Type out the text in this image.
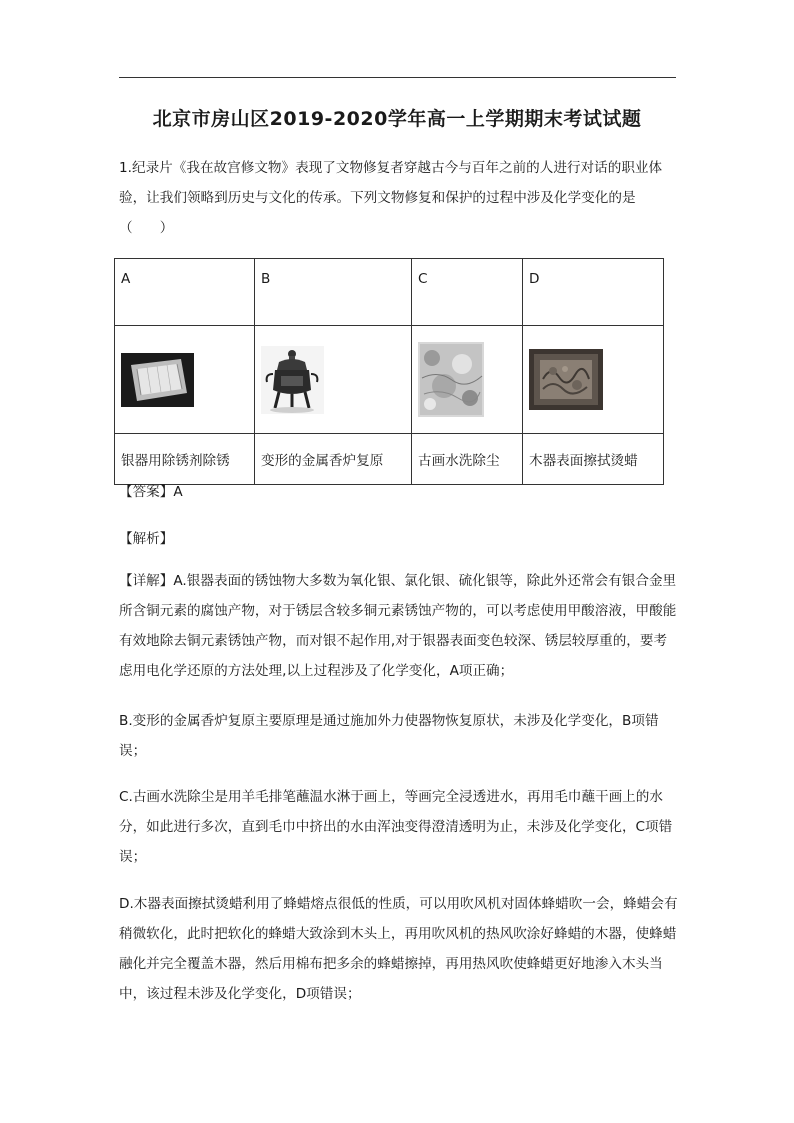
北京市房山区2019-2020学年高一上学期期末考试试题
1.纪录片《我在故宫修文物》表现了文物修复者穿越古今与百年之前的人进行对话的职业体验，让我们领略到历史与文化的传承。下列文物修复和保护的过程中涉及化学变化的是
（　　）
A	B	C	D

银器用除锈剂除锈	变形的金属香炉复原	古画水洗除尘	木器表面擦拭烫蜡
【答案】A
【解析】
【详解】A.银器表面的锈蚀物大多数为氧化银、氯化银、硫化银等，除此外还常会有银合金里所含铜元素的腐蚀产物，对于锈层含较多铜元素锈蚀产物的，可以考虑使用甲酸溶液，甲酸能有效地除去铜元素锈蚀产物，而对银不起作用,对于银器表面变色较深、锈层较厚重的，要考虑用电化学还原的方法处理,以上过程涉及了化学变化，A项正确；
B.变形的金属香炉复原主要原理是通过施加外力使器物恢复原状，未涉及化学变化，B项错误；
C.古画水洗除尘是用羊毛排笔蘸温水淋于画上，等画完全浸透进水，再用毛巾蘸干画上的水分，如此进行多次，直到毛巾中挤出的水由浑浊变得澄清透明为止，未涉及化学变化，C项错误；
D.木器表面擦拭烫蜡利用了蜂蜡熔点很低的性质，可以用吹风机对固体蜂蜡吹一会，蜂蜡会有稍微软化，此时把软化的蜂蜡大致涂到木头上，再用吹风机的热风吹涂好蜂蜡的木器，使蜂蜡融化并完全覆盖木器，然后用棉布把多余的蜂蜡擦掉，再用热风吹使蜂蜡更好地渗入木头当中，该过程未涉及化学变化，D项错误；
